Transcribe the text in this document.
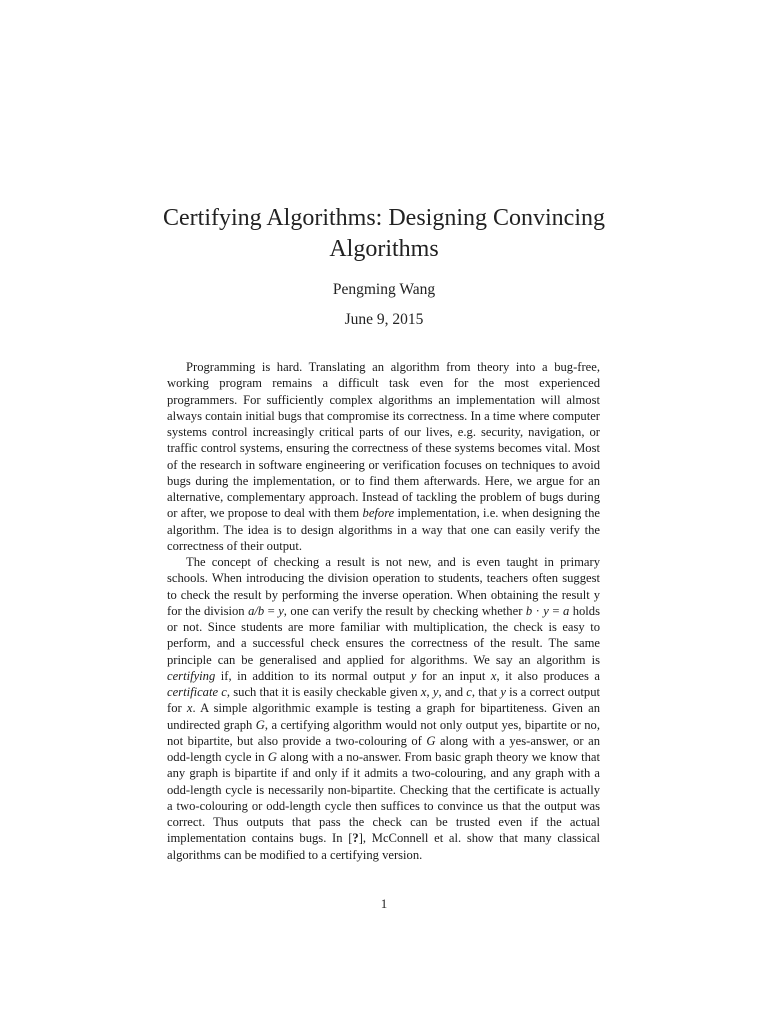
Certifying Algorithms: Designing Convincing Algorithms
Pengming Wang
June 9, 2015

Programming is hard. Translating an algorithm from theory into a bug-free, working program remains a difficult task even for the most experienced programmers. For sufficiently complex algorithms an implementation will almost always contain initial bugs that compromise its correctness. In a time where computer systems control increasingly critical parts of our lives, e.g. security, navigation, or traffic control systems, ensuring the correctness of these systems becomes vital. Most of the research in software engineering or verification focuses on techniques to avoid bugs during the implementation, or to find them afterwards. Here, we argue for an alternative, complementary approach. Instead of tackling the problem of bugs during or after, we propose to deal with them before implementation, i.e. when designing the algorithm. The idea is to design algorithms in a way that one can easily verify the correctness of their output.

The concept of checking a result is not new, and is even taught in primary schools. When introducing the division operation to students, teachers often suggest to check the result by performing the inverse operation. When obtaining the result y for the division a/b = y, one can verify the result by checking whether b · y = a holds or not. Since students are more familiar with multiplication, the check is easy to perform, and a successful check ensures the correctness of the result. The same principle can be generalised and applied for algorithms. We say an algorithm is certifying if, in addition to its normal output y for an input x, it also produces a certificate c, such that it is easily checkable given x, y, and c, that y is a correct output for x. A simple algorithmic example is testing a graph for bipartiteness. Given an undirected graph G, a certifying algorithm would not only output yes, bipartite or no, not bipartite, but also provide a two-colouring of G along with a yes-answer, or an odd-length cycle in G along with a no-answer. From basic graph theory we know that any graph is bipartite if and only if it admits a two-colouring, and any graph with a odd-length cycle is necessarily non-bipartite. Checking that the certificate is actually a two-colouring or odd-length cycle then suffices to convince us that the output was correct. Thus outputs that pass the check can be trusted even if the actual implementation contains bugs. In [?], McConnell et al. show that many classical algorithms can be modified to a certifying version.

1
